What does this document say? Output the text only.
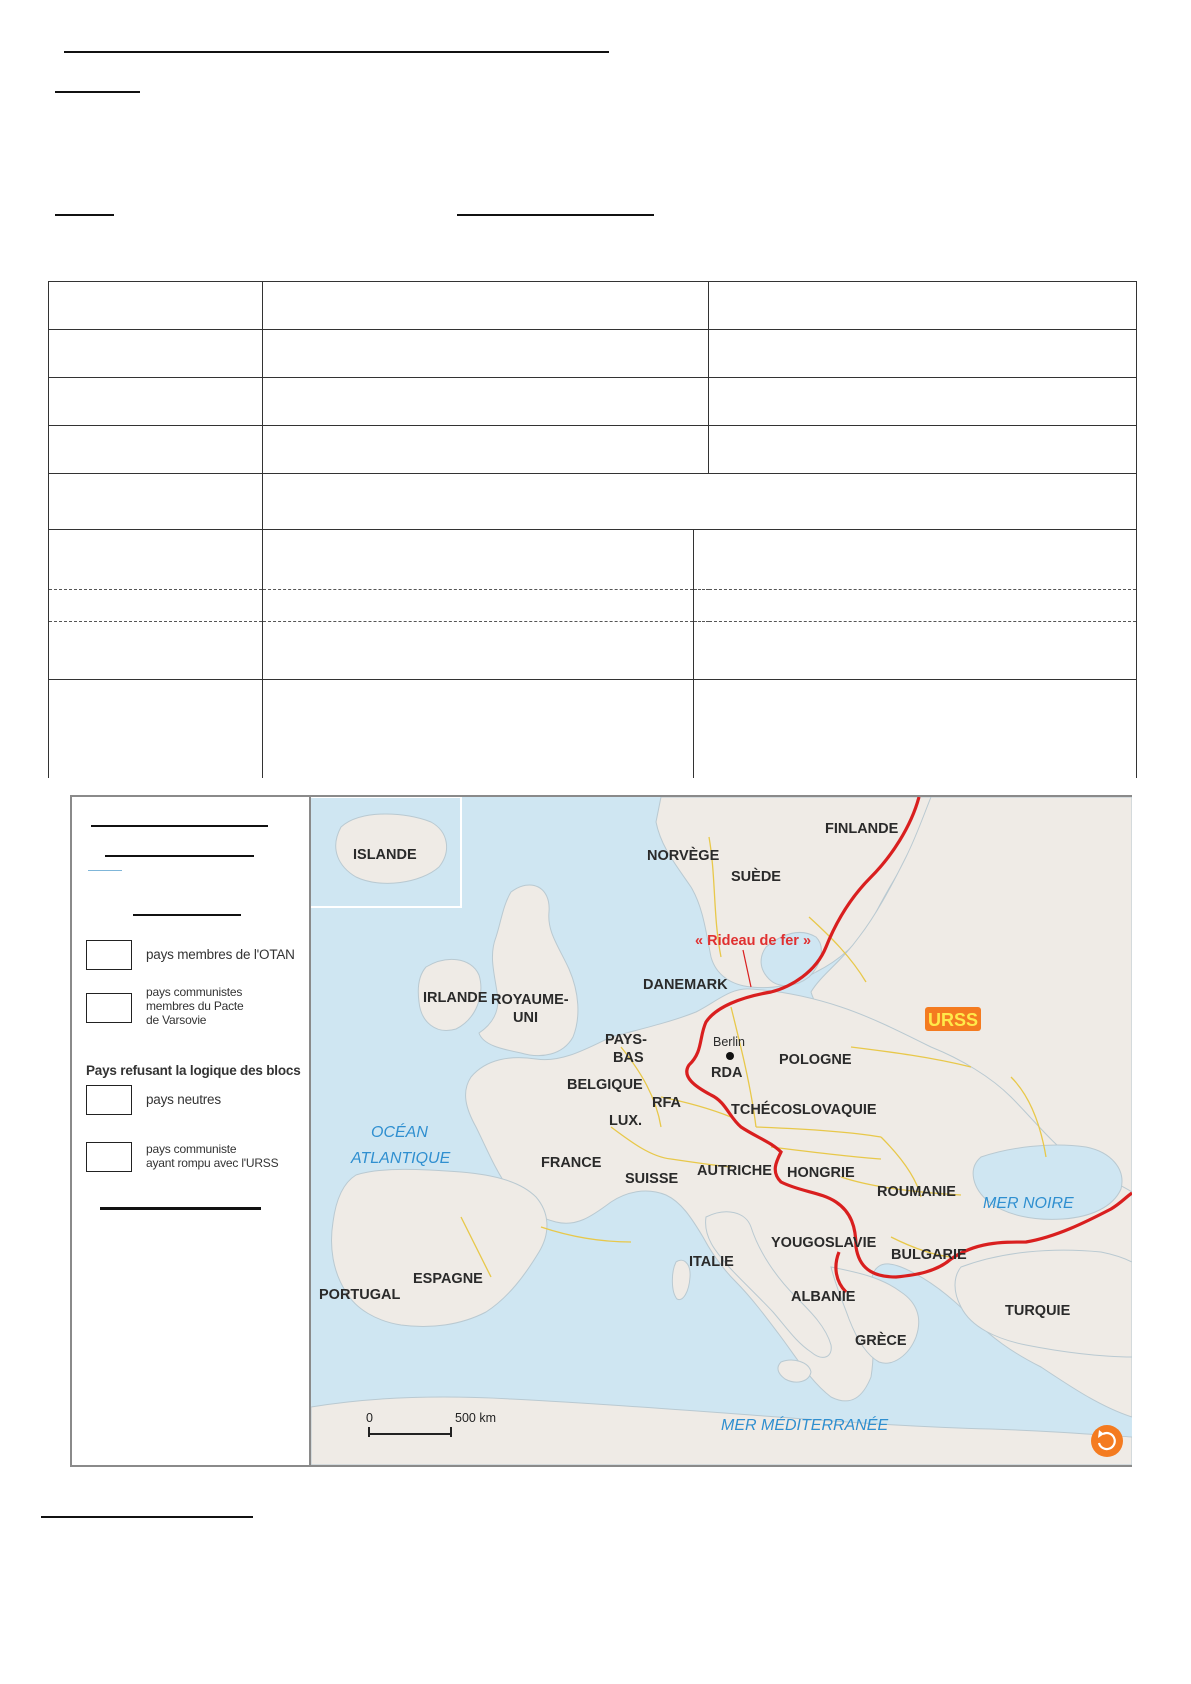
pays membres de l'OTAN
pays communistes
membres du Pacte
de Varsovie
Pays refusant la logique des blocs
pays neutres
pays communiste
ayant rompu avec l'URSS
« Rideau de fer »
ISLANDE	NORVÈGE
SUÈDE
FINLANDE
IRLANDE ROYAUME-
UNI
DANEMARK
PAYS-
BAS
BELGIQUE
LUX.
RFA
RDA
Berlin
POLOGNE
TCHÉCOSLOVAQUIE
FRANCE
SUISSE AUTRICHE HONGRIE
ROUMANIE
YOUGOSLAVIE
BULGARIE
ITALIE
ALBANIE
GRÈCE
TURQUIE
ESPAGNE
PORTUGAL
URSS
OCÉAN
ATLANTIQUE
MER NOIRE
MER MÉDITERRANÉE
0	500 km
